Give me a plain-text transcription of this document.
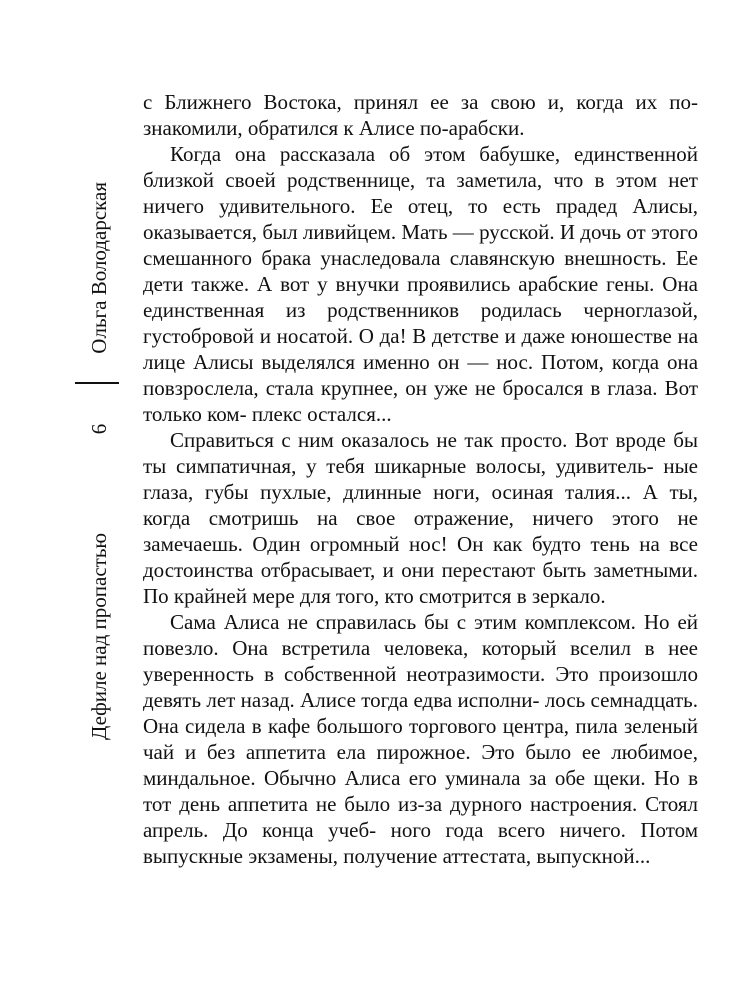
Ольга Володарская
6
Дефиле над пропастью

с Ближнего Востока, принял ее за свою и, когда их по- знакомили, обратился к Алисе по-арабски.

Когда она рассказала об этом бабушке, единственной близкой своей родственнице, та заметила, что в этом нет ничего удивительного. Ее отец, то есть прадед Алисы, оказывается, был ливийцем. Мать — русской. И дочь от этого смешанного брака унаследовала славянскую внешность. Ее дети также. А вот у внучки проявились арабские гены. Она единственная из родственников родилась черноглазой, густобровой и носатой. О да! В детстве и даже юношестве на лице Алисы выделялся именно он — нос. Потом, когда она повзрослела, стала крупнее, он уже не бросался в глаза. Вот только ком- плекс остался...

Справиться с ним оказалось не так просто. Вот вроде бы ты симпатичная, у тебя шикарные волосы, удивитель- ные глаза, губы пухлые, длинные ноги, осиная талия... А ты, когда смотришь на свое отражение, ничего этого не замечаешь. Один огромный нос! Он как будто тень на все достоинства отбрасывает, и они перестают быть заметными. По крайней мере для того, кто смотрится в зеркало.

Сама Алиса не справилась бы с этим комплексом. Но ей повезло. Она встретила человека, который вселил в нее уверенность в собственной неотразимости. Это произошло девять лет назад. Алисе тогда едва исполни- лось семнадцать. Она сидела в кафе большого торгового центра, пила зеленый чай и без аппетита ела пирожное. Это было ее любимое, миндальное. Обычно Алиса его уминала за обе щеки. Но в тот день аппетита не было из-за дурного настроения. Стоял апрель. До конца учеб- ного года всего ничего. Потом выпускные экзамены, получение аттестата, выпускной...
